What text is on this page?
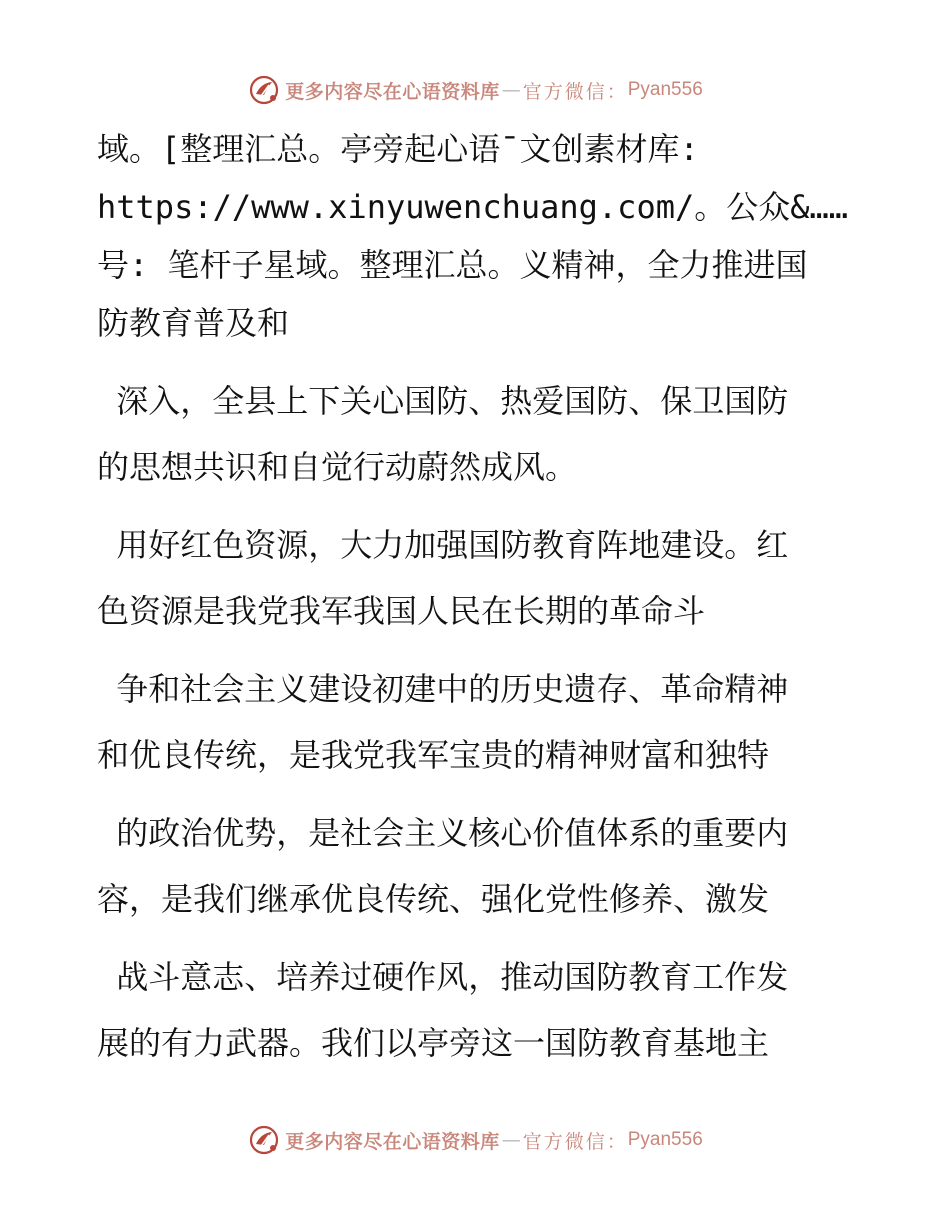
更多内容尽在心语资料库 — 官方微信： Pyan556
域。[整理汇总。亭旁起心语¯文创素材库:
https://www.xinyuwenchuang.com/。公众&……
号: 笔杆子星域。整理汇总。义精神，全力推进国
防教育普及和
深入，全县上下关心国防、热爱国防、保卫国防
的思想共识和自觉行动蔚然成风。
用好红色资源，大力加强国防教育阵地建设。红
色资源是我党我军我国人民在长期的革命斗
争和社会主义建设初建中的历史遗存、革命精神
和优良传统，是我党我军宝贵的精神财富和独特
的政治优势，是社会主义核心价值体系的重要内
容，是我们继承优良传统、强化党性修养、激发
战斗意志、培养过硬作风，推动国防教育工作发
展的有力武器。我们以亭旁这一国防教育基地主
更多内容尽在心语资料库 — 官方微信： Pyan556
